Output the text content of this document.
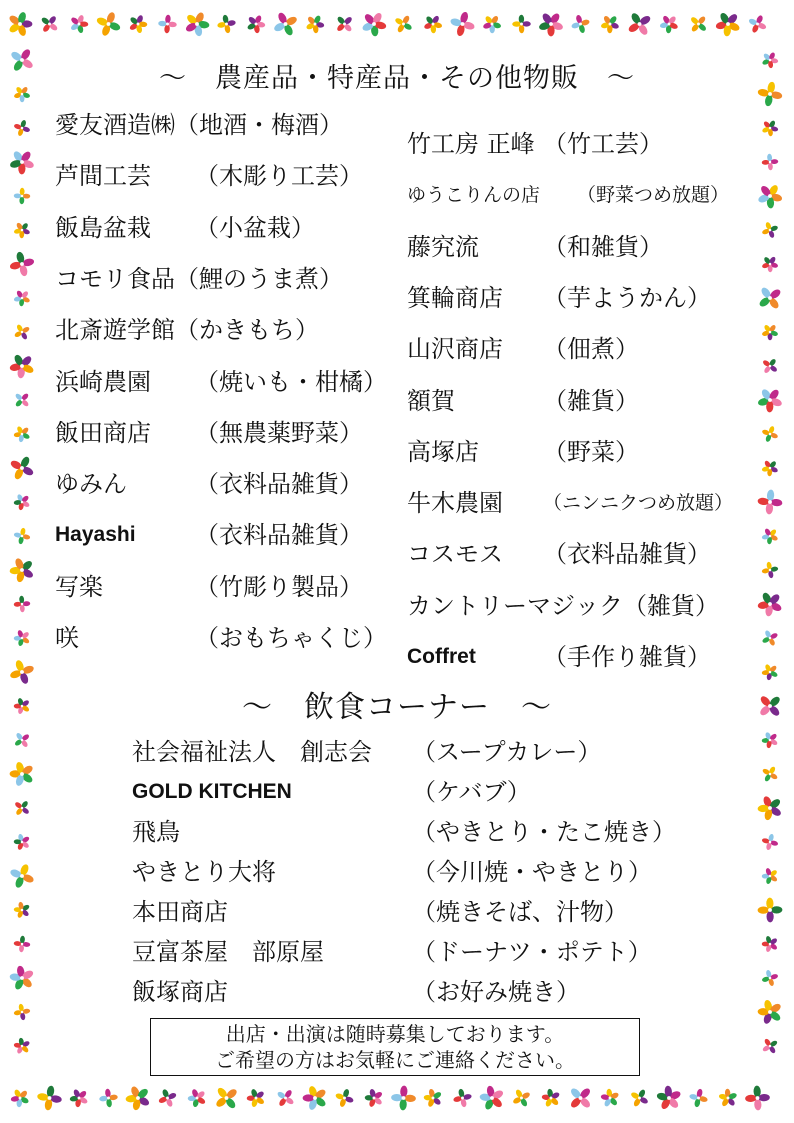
～　農産品・特産品・その他物販　～
愛友酒造㈱ （地酒・梅酒）
芦間工芸 （木彫り工芸）
飯島盆栽 （小盆栽）
コモリ食品 （鯉のうま煮）
北斎遊学館 （かきもち）
浜崎農園 （焼いも・柑橘）
飯田商店 （無農薬野菜）
ゆみん	（衣料品雑貨）
Hayashi （衣料品雑貨）
写楽	（竹彫り製品）
咲	（おもちゃくじ）
竹工房 正峰 （竹工芸）
ゆうこりんの店 （野菜つめ放題）
藤究流	（和雑貨）
箕輪商店 （芋ようかん）
山沢商店 （佃煮）
額賀	（雑貨）
高塚店	（野菜）
牛木農園 （ニンニクつめ放題）
コスモス （衣料品雑貨）
カントリーマジック （雑貨）
Coffret	（手作り雑貨）
～　飲食コーナー　～
社会福祉法人　創志会 （スープカレー）
GOLD KITCHEN	（ケバブ）
飛鳥	（やきとり・たこ焼き）
やきとり大将	（今川焼・やきとり）
本田商店	（焼きそば、汁物）
豆富茶屋　部原屋	（ドーナツ・ポテト）
飯塚商店	（お好み焼き）
出店・出演は随時募集しております。
ご希望の方はお気軽にご連絡ください。
